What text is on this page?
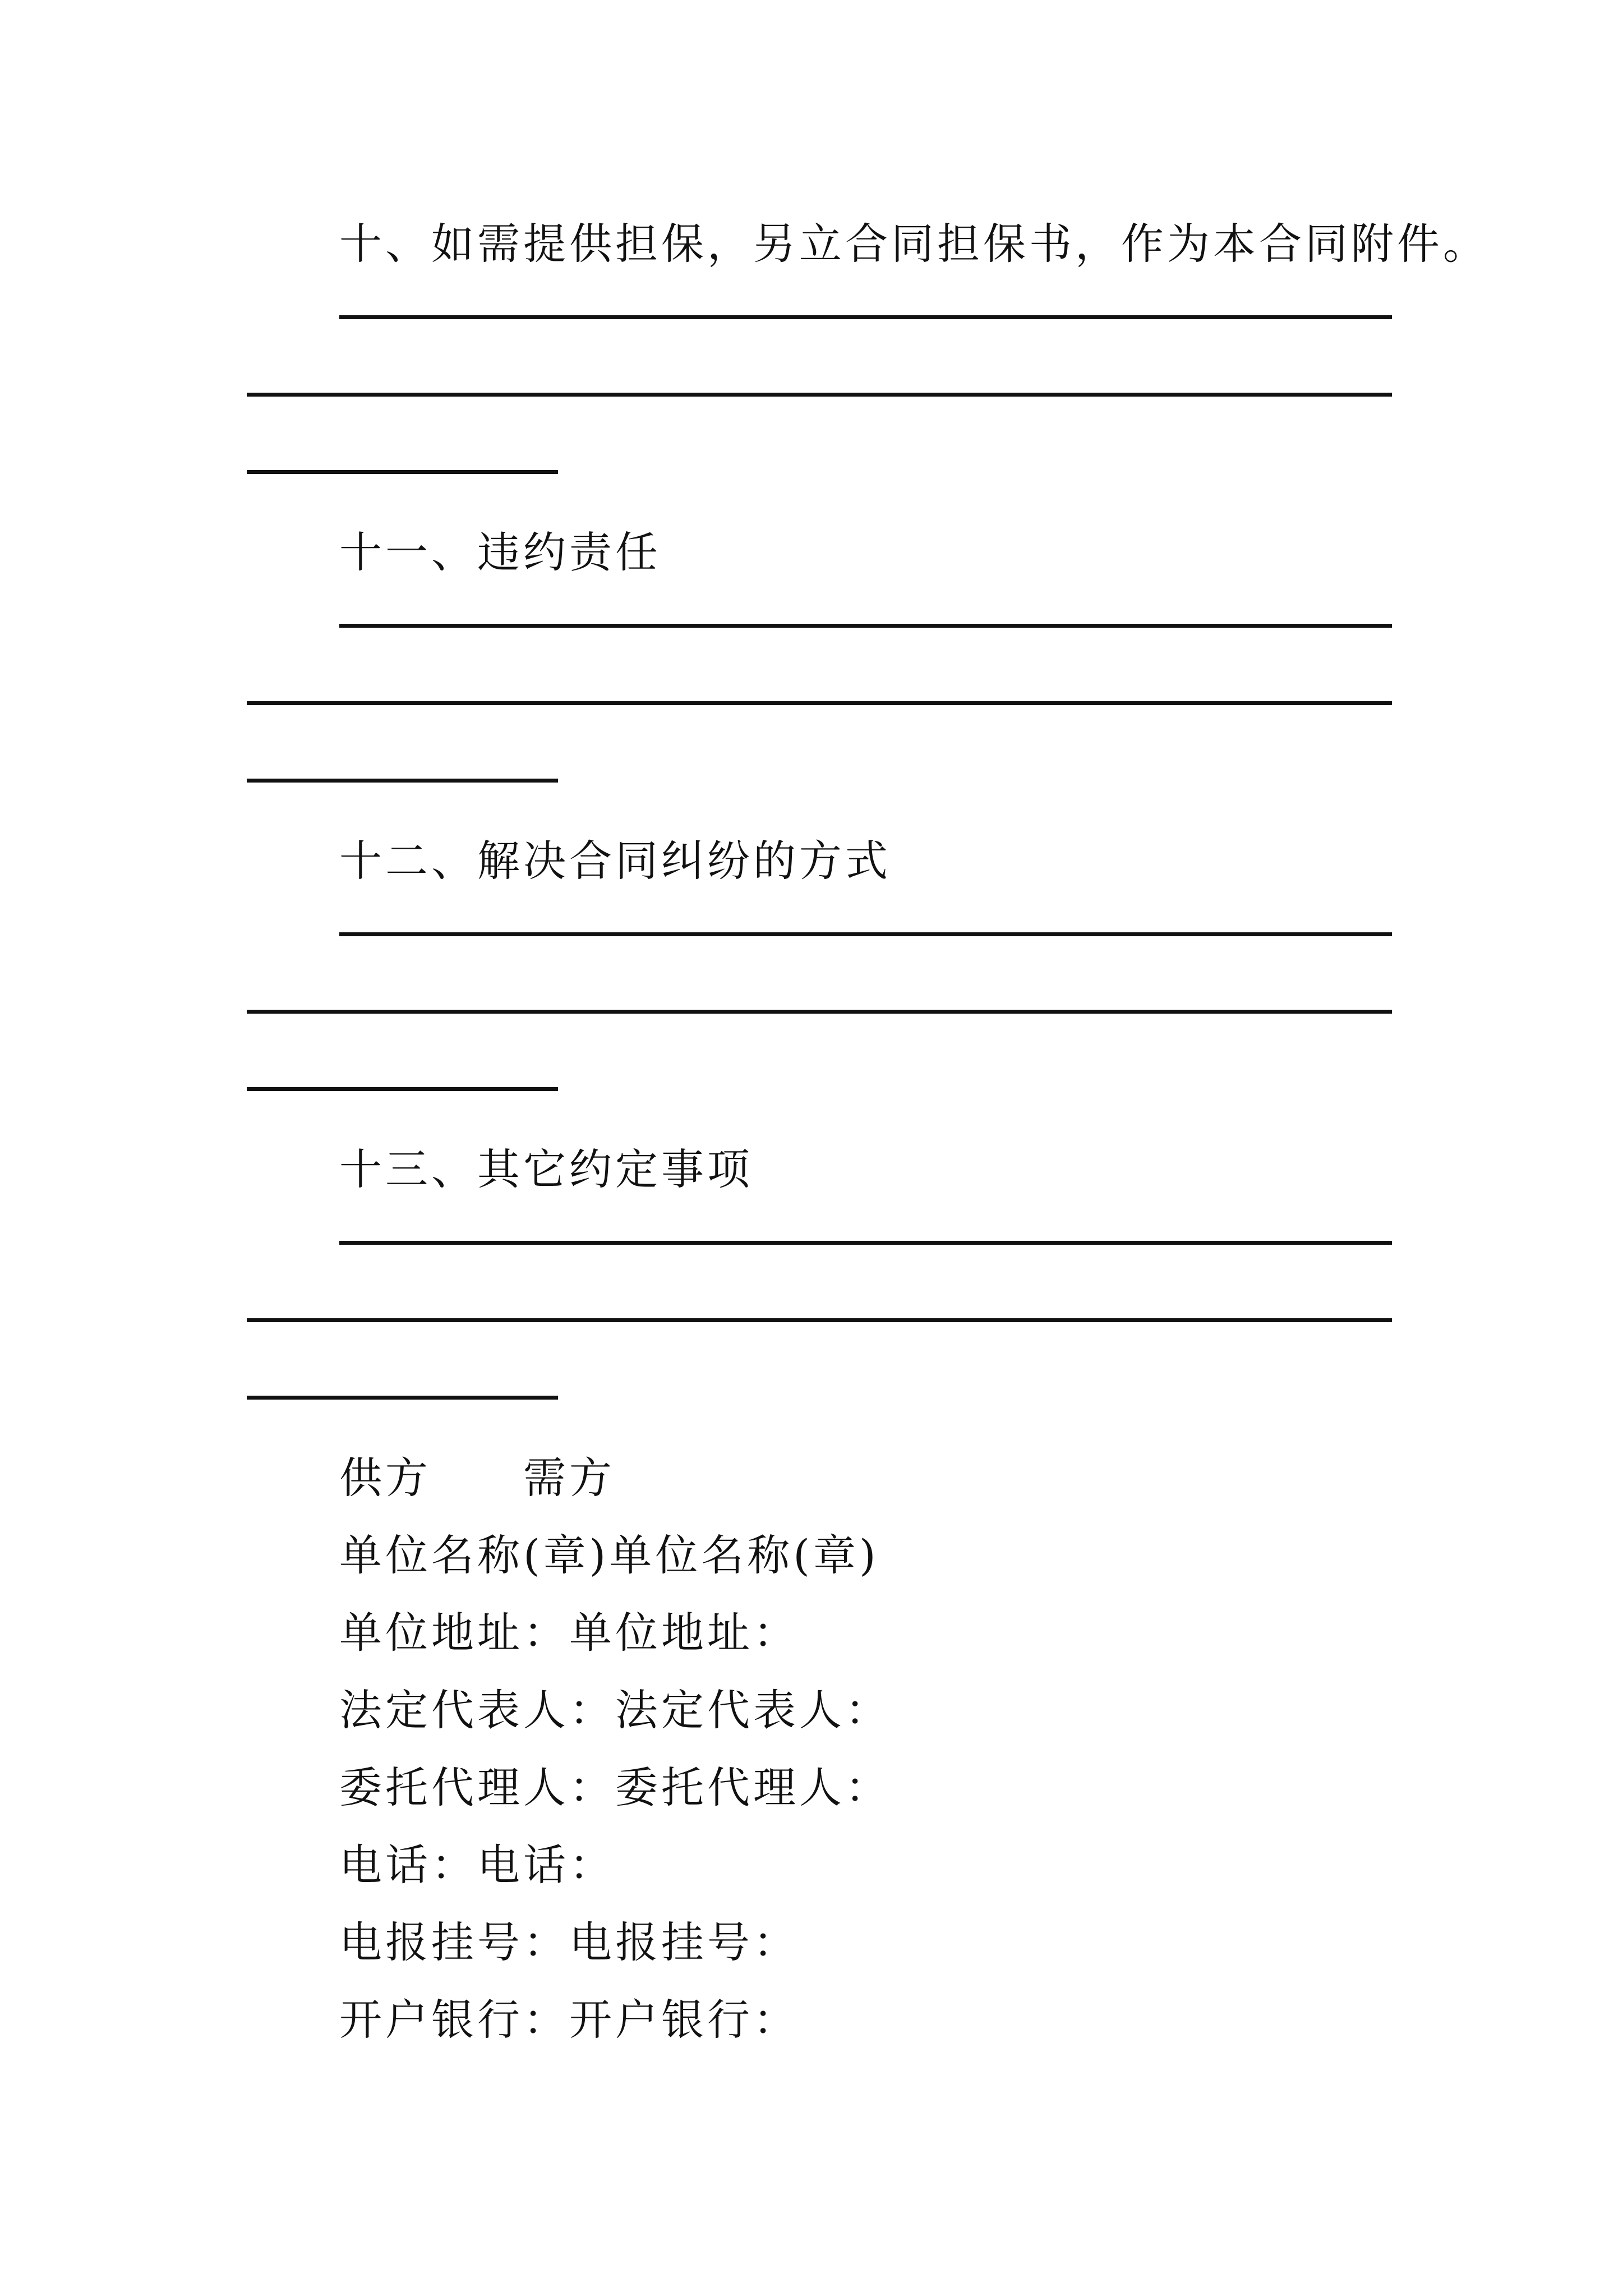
十、如需提供担保，另立合同担保书，作为本合同附件。
十一、违约责任
十二、解决合同纠纷的方式
十三、其它约定事项
供方　　需方
单位名称(章)单位名称(章)
单位地址：单位地址：
法定代表人：法定代表人：
委托代理人：委托代理人：
电话：电话：
电报挂号：电报挂号：
开户银行：开户银行：
